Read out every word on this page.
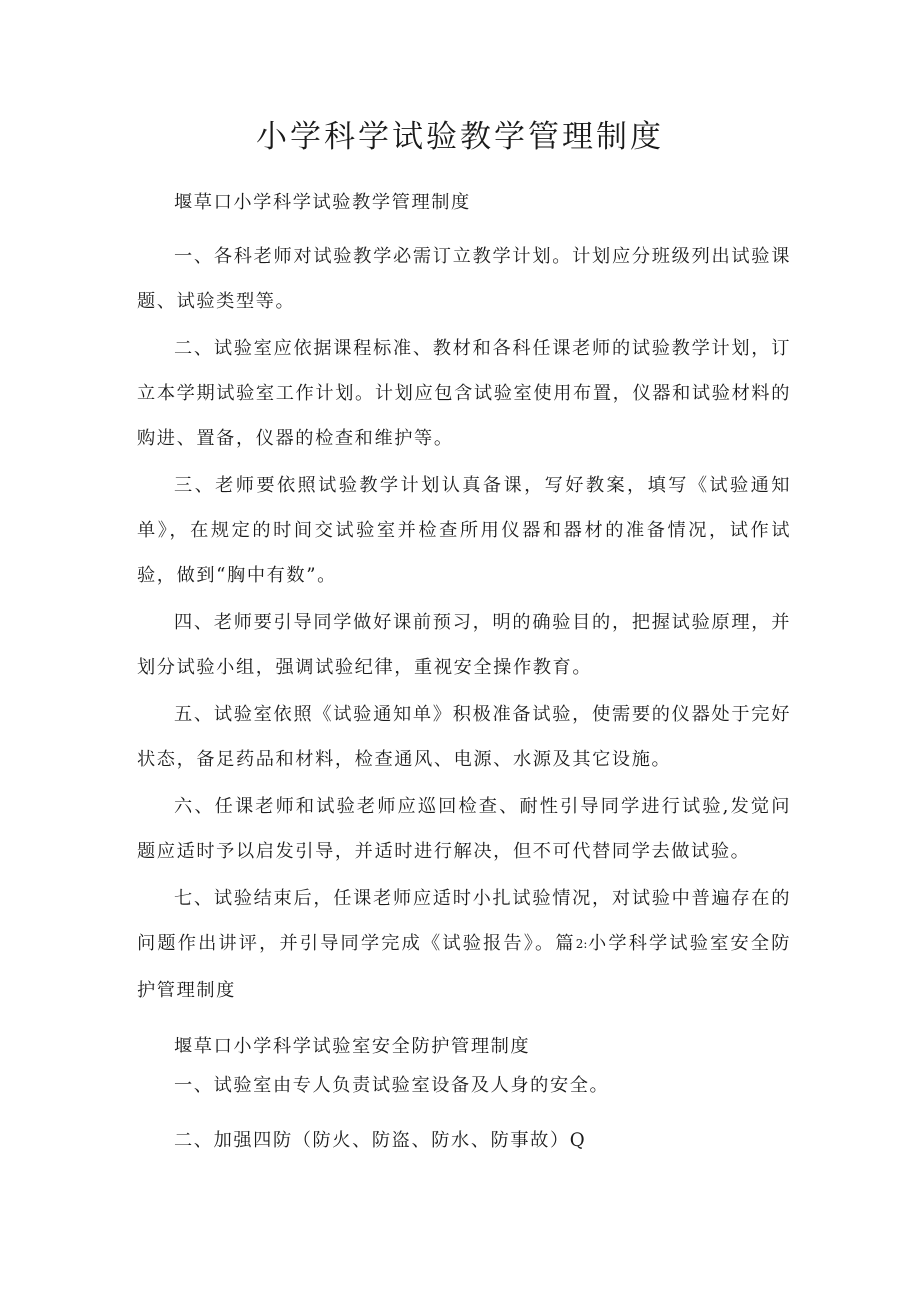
小学科学试验教学管理制度

堰草口小学科学试验教学管理制度

一、各科老师对试验教学必需订立教学计划。计划应分班级列出试验课题、试验类型等。

二、试验室应依据课程标准、教材和各科任课老师的试验教学计划，订立本学期试验室工作计划。计划应包含试验室使用布置，仪器和试验材料的购进、置备，仪器的检查和维护等。

三、老师要依照试验教学计划认真备课，写好教案，填写《试验通知单》，在规定的时间交试验室并检查所用仪器和器材的准备情况，试作试验，做到“胸中有数”。

四、老师要引导同学做好课前预习，明的确验目的，把握试验原理，并划分试验小组，强调试验纪律，重视安全操作教育。

五、试验室依照《试验通知单》积极准备试验，使需要的仪器处于完好状态，备足药品和材料，检查通风、电源、水源及其它设施。

六、任课老师和试验老师应巡回检查、耐性引导同学进行试验,发觉问题应适时予以启发引导，并适时进行解决，但不可代替同学去做试验。

七、试验结束后，任课老师应适时小扎试验情况，对试验中普遍存在的问题作出讲评，并引导同学完成《试验报告》。篇2:小学科学试验室安全防护管理制度

堰草口小学科学试验室安全防护管理制度

一、试验室由专人负责试验室设备及人身的安全。

二、加强四防（防火、防盗、防水、防事故）Q
